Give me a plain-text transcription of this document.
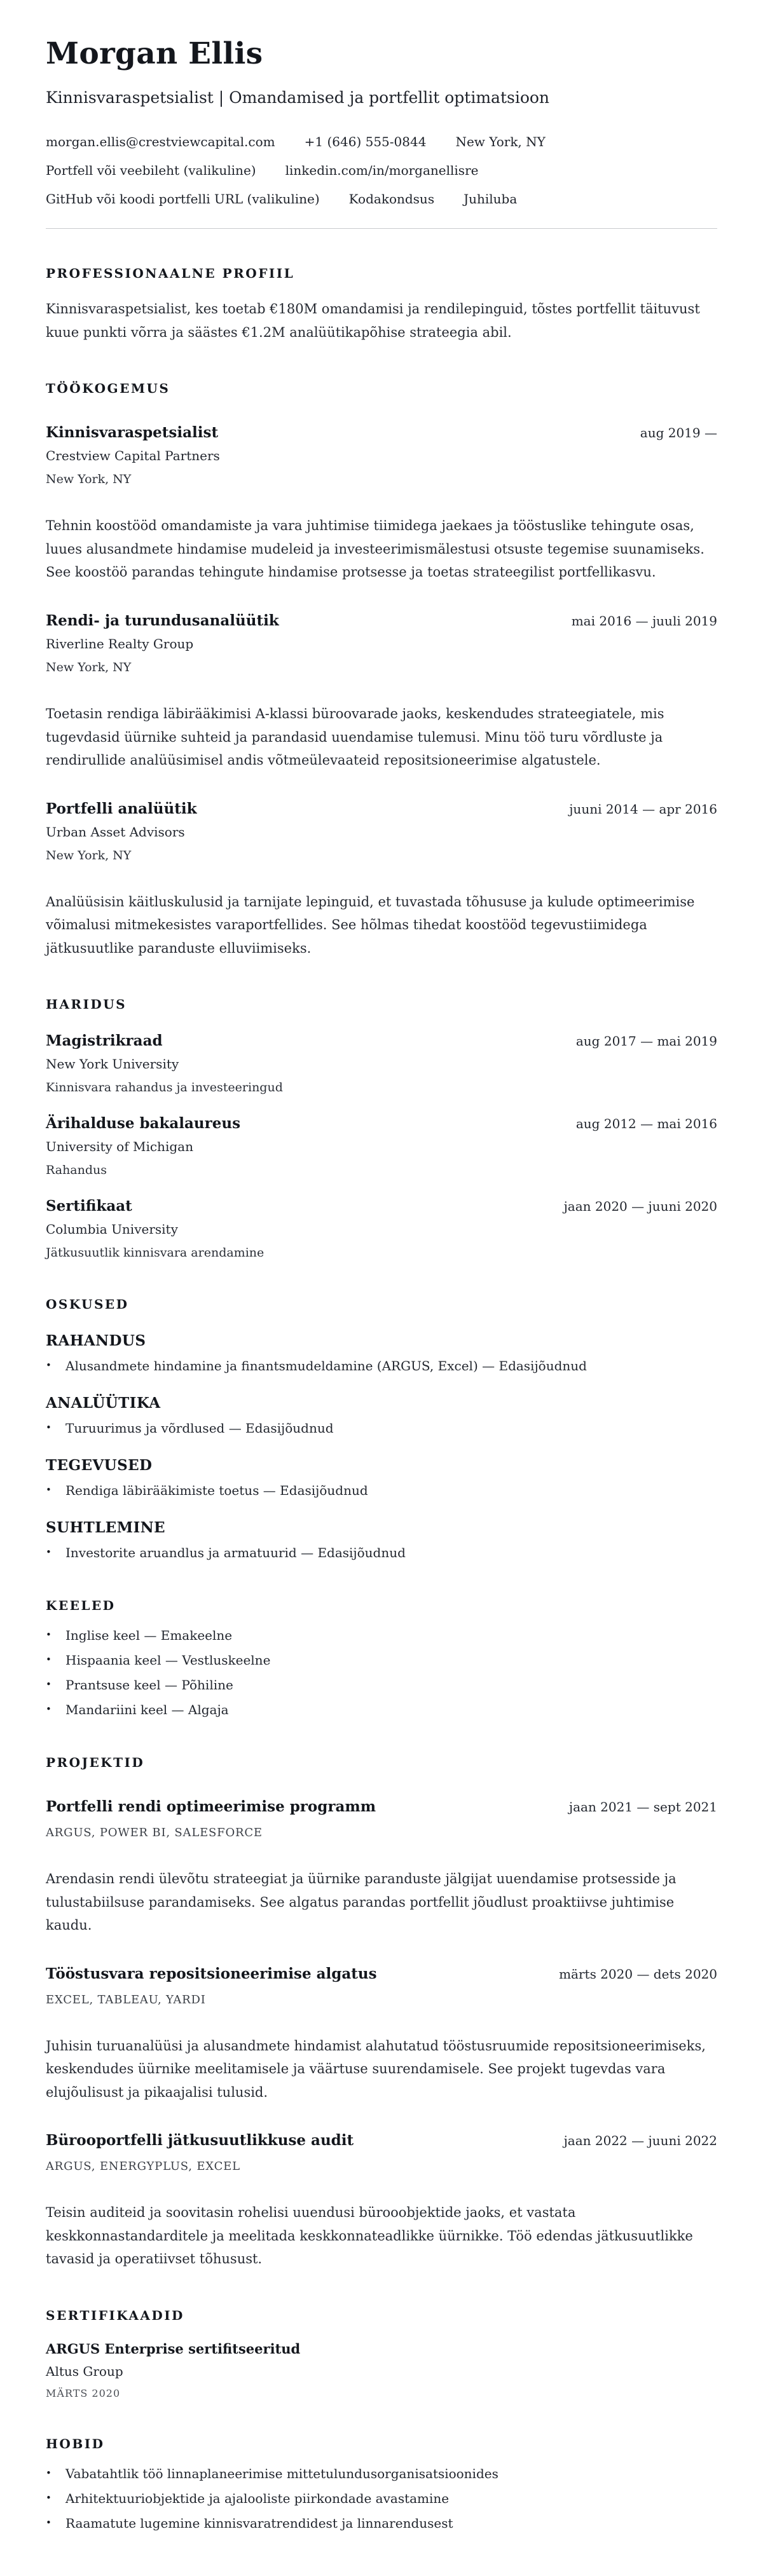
Morgan Ellis

Kinnisvaraspetsialist | Omandamised ja portfellit optimatsioon

morgan.ellis@crestviewcapital.com +1 (646) 555-0844 New York, NY
Portfell või veebileht (valikuline) linkedin.com/in/morganellisre
GitHub või koodi portfelli URL (valikuline) Kodakondsus Juhiluba
PROFESSIONAALNE PROFIIL

Kinnisvaraspetsialist, kes toetab €180M omandamisi ja rendilepinguid, tõstes portfellit täituvust kuue punkti võrra ja säästes €1.2M analüütikapõhise strateegia abil.

TÖÖKOGEMUS
Kinnisvaraspetsialist	aug 2019 —

Crestview Capital Partners

New York, NY

Tehnin koostööd omandamiste ja vara juhtimise tiimidega jaekaes ja tööstuslike tehingute osas, luues alusandmete hindamise mudeleid ja investeerimismälestusi otsuste tegemise suunamiseks. See koostöö parandas tehingute hindamise protsesse ja toetas strateegilist portfellikasvu.

Rendi- ja turundusanalüütik	mai 2016 — juuli 2019

Riverline Realty Group

New York, NY

Toetasin rendiga läbirääkimisi A-klassi büroovarade jaoks, keskendudes strateegiatele, mis tugevdasid üürnike suhteid ja parandasid uuendamise tulemusi. Minu töö turu võrdluste ja rendirullide analüüsimisel andis võtmeülevaateid repositsioneerimise algatustele.

Portfelli analüütik	juuni 2014 — apr 2016

Urban Asset Advisors

New York, NY

Analüüsisin käitluskulusid ja tarnijate lepinguid, et tuvastada tõhususe ja kulude optimeerimise võimalusi mitmekesistes varaportfellides. See hõlmas tihedat koostööd tegevustiimidega jätkusuutlike paranduste elluviimiseks.

HARIDUS
Magistrikraad	aug 2017 — mai 2019

New York University

Kinnisvara rahandus ja investeeringud

Ärihalduse bakalaureus	aug 2012 — mai 2016

University of Michigan

Rahandus

Sertifikaat	jaan 2020 — juuni 2020

Columbia University

Jätkusuutlik kinnisvara arendamine

OSKUSED
RAHANDUS
•	Alusandmete hindamine ja finantsmudeldamine (ARGUS, Excel) — Edasijõudnud
ANALÜÜTIKA
•	Turuurimus ja võrdlused — Edasijõudnud
TEGEVUSED
•	Rendiga läbirääkimiste toetus — Edasijõudnud
SUHTLEMINE
•	Investorite aruandlus ja armatuurid — Edasijõudnud
KEELED
•	Inglise keel — Emakeelne
•	Hispaania keel — Vestluskeelne
•	Prantsuse keel — Põhiline
•	Mandariini keel — Algaja
PROJEKTID
Portfelli rendi optimeerimise programm	jaan 2021 — sept 2021

ARGUS, POWER BI, SALESFORCE

Arendasin rendi ülevõtu strateegiat ja üürnike paranduste jälgijat uuendamise protsesside ja tulustabiilsuse parandamiseks. See algatus parandas portfellit jõudlust proaktiivse juhtimise kaudu.

Tööstusvara repositsioneerimise algatus	märts 2020 — dets 2020

EXCEL, TABLEAU, YARDI

Juhisin turuanalüüsi ja alusandmete hindamist alahutatud tööstusruumide repositsioneerimiseks, keskendudes üürnike meelitamisele ja väärtuse suurendamisele. See projekt tugevdas vara elujõulisust ja pikaajalisi tulusid.

Bürooportfelli jätkusuutlikkuse audit	jaan 2022 — juuni 2022

ARGUS, ENERGYPLUS, EXCEL

Teisin auditeid ja soovitasin rohelisi uuendusi bürooobjektide jaoks, et vastata keskkonnastandarditele ja meelitada keskkonnateadlikke üürnikke. Töö edendas jätkusuutlikke tavasid ja operatiivset tõhusust.

SERTIFIKAADID
ARGUS Enterprise sertifitseeritud

Altus Group

MÄRTS 2020

HOBID
•	Vabatahtlik töö linnaplaneerimise mittetulundusorganisatsioonides
•	Arhitektuuriobjektide ja ajalooliste piirkondade avastamine
•	Raamatute lugemine kinnisvaratrendidest ja linnarendusest
